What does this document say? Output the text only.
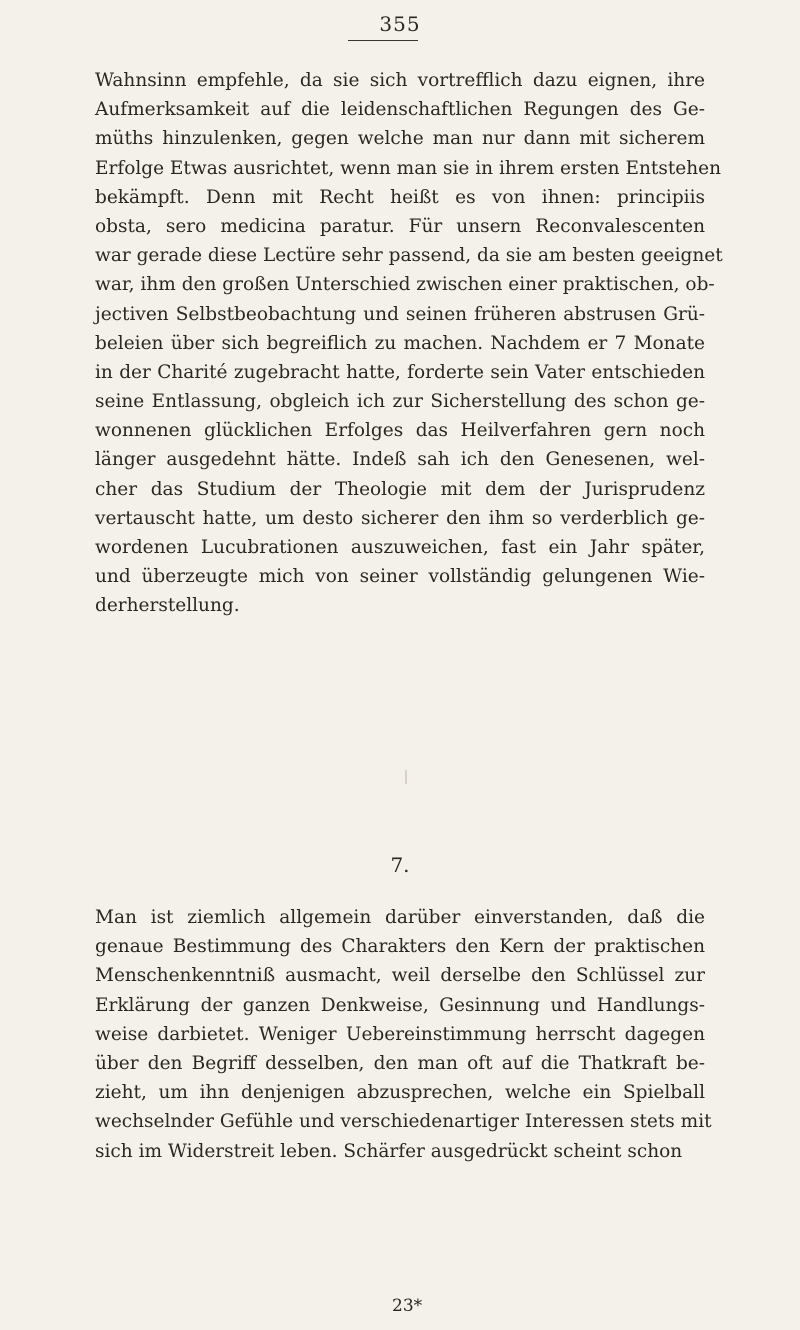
355
Wahnsinn empfehle, da sie sich vortrefflich dazu eignen, ihre
Aufmerksamkeit auf die leidenschaftlichen Regungen des Ge-
müths hinzulenken, gegen welche man nur dann mit sicherem
Erfolge Etwas ausrichtet, wenn man sie in ihrem ersten Entstehen
bekämpft. Denn mit Recht heißt es von ihnen: principiis
obsta, sero medicina paratur. Für unsern Reconvalescenten
war gerade diese Lectüre sehr passend, da sie am besten geeignet
war, ihm den großen Unterschied zwischen einer praktischen, ob-
jectiven Selbstbeobachtung und seinen früheren abstrusen Grü-
beleien über sich begreiflich zu machen. Nachdem er 7 Monate
in der Charité zugebracht hatte, forderte sein Vater entschieden
seine Entlassung, obgleich ich zur Sicherstellung des schon ge-
wonnenen glücklichen Erfolges das Heilverfahren gern noch
länger ausgedehnt hätte. Indeß sah ich den Genesenen, wel-
cher das Studium der Theologie mit dem der Jurisprudenz
vertauscht hatte, um desto sicherer den ihm so verderblich ge-
wordenen Lucubrationen auszuweichen, fast ein Jahr später,
und überzeugte mich von seiner vollständig gelungenen Wie-
derherstellung.
7.
Man ist ziemlich allgemein darüber einverstanden, daß die
genaue Bestimmung des Charakters den Kern der praktischen
Menschenkenntniß ausmacht, weil derselbe den Schlüssel zur
Erklärung der ganzen Denkweise, Gesinnung und Handlungs-
weise darbietet. Weniger Uebereinstimmung herrscht dagegen
über den Begriff desselben, den man oft auf die Thatkraft be-
zieht, um ihn denjenigen abzusprechen, welche ein Spielball
wechselnder Gefühle und verschiedenartiger Interessen stets mit
sich im Widerstreit leben. Schärfer ausgedrückt scheint schon
23*
